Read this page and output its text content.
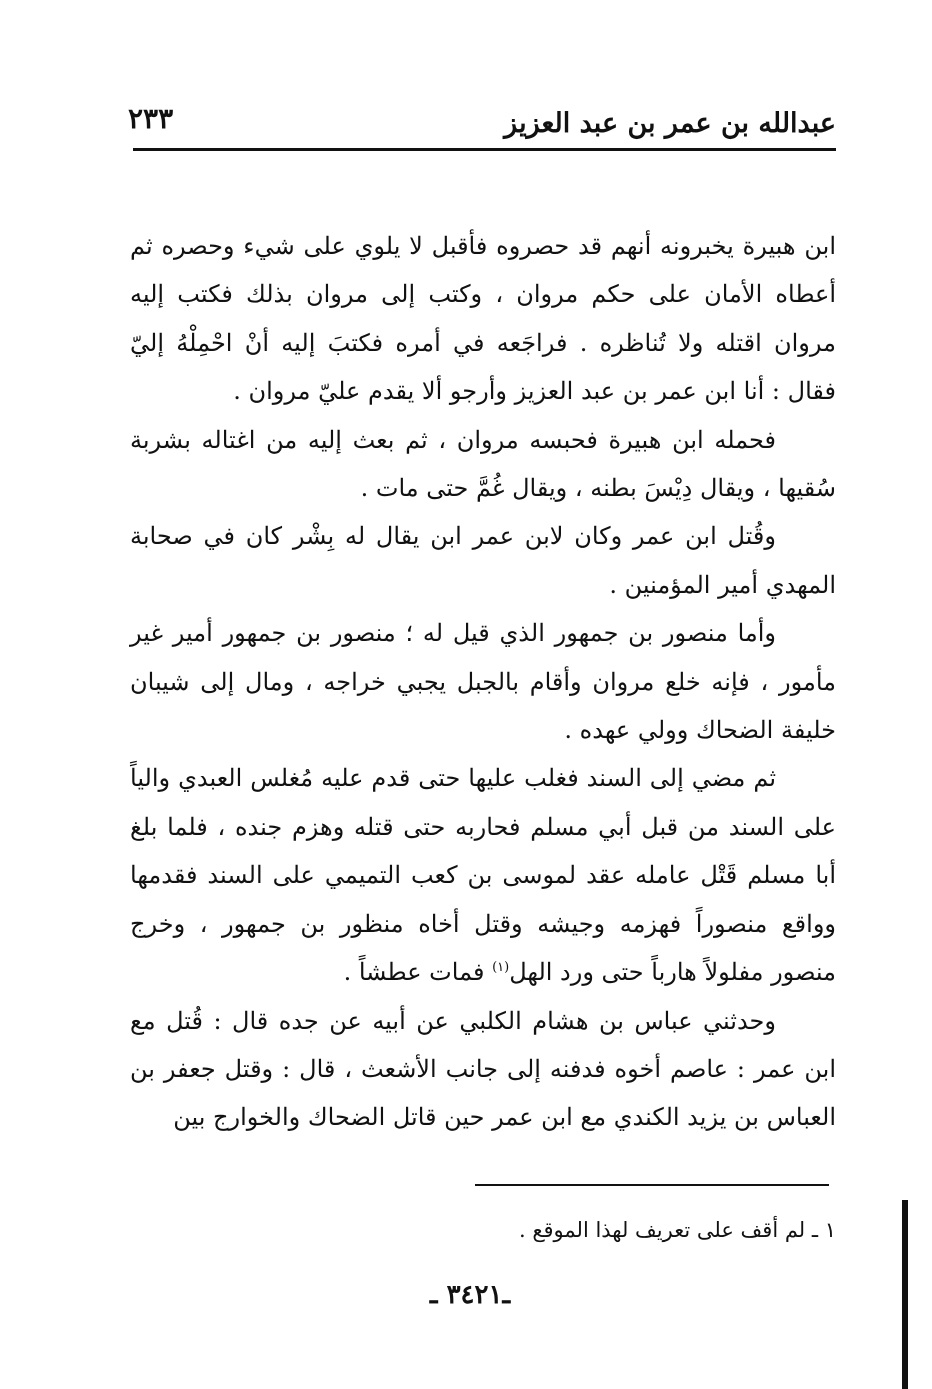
عبدالله بن عمر بن عبد العزيز
٢٣٣

ابن هبيرة يخبرونه أنهم قد حصروه فأقبل لا يلوي على شيء وحصره ثم أعطاه الأمان على حكم مروان ، وكتب إلى مروان بذلك فكتب إليه مروان اقتله ولا تُناظره . فراجَعه في أمره فكتبَ إليه أنْ احْمِلْهُ إليّ فقال : أنا ابن عمر بن عبد العزيز وأرجو ألا يقدم عليّ مروان .

فحمله ابن هبيرة فحبسه مروان ، ثم بعث إليه من اغتاله بشربة سُقيها ، ويقال دِيْسَ بطنه ، ويقال غُمَّ حتى مات .

وقُتل ابن عمر وكان لابن عمر ابن يقال له بِشْر كان في صحابة المهدي أمير المؤمنين .

وأما منصور بن جمهور الذي قيل له ؛ منصور بن جمهور أمير غير مأمور ، فإنه خلع مروان وأقام بالجبل يجبي خراجه ، ومال إلى شيبان خليفة الضحاك وولي عهده .

ثم مضي إلى السند فغلب عليها حتى قدم عليه مُغلس العبدي والياً على السند من قبل أبي مسلم فحاربه حتى قتله وهزم جنده ، فلما بلغ أبا مسلم قَتْل عامله عقد لموسى بن كعب التميمي على السند فقدمها وواقع منصوراً فهزمه وجيشه وقتل أخاه منظور بن جمهور ، وخرج منصور مفلولاً هارباً حتى ورد الهل$^{(١)}$ فمات عطشاً .

وحدثني عباس بن هشام الكلبي عن أبيه عن جده قال : قُتل مع ابن عمر : عاصم أخوه فدفنه إلى جانب الأشعث ، قال : وقتل جعفر بن العباس بن يزيد الكندي مع ابن عمر حين قاتل الضحاك والخوارج بين

١ ـ لم أقف على تعريف لهذا الموقع .
ـ٣٤٢١ ـ
